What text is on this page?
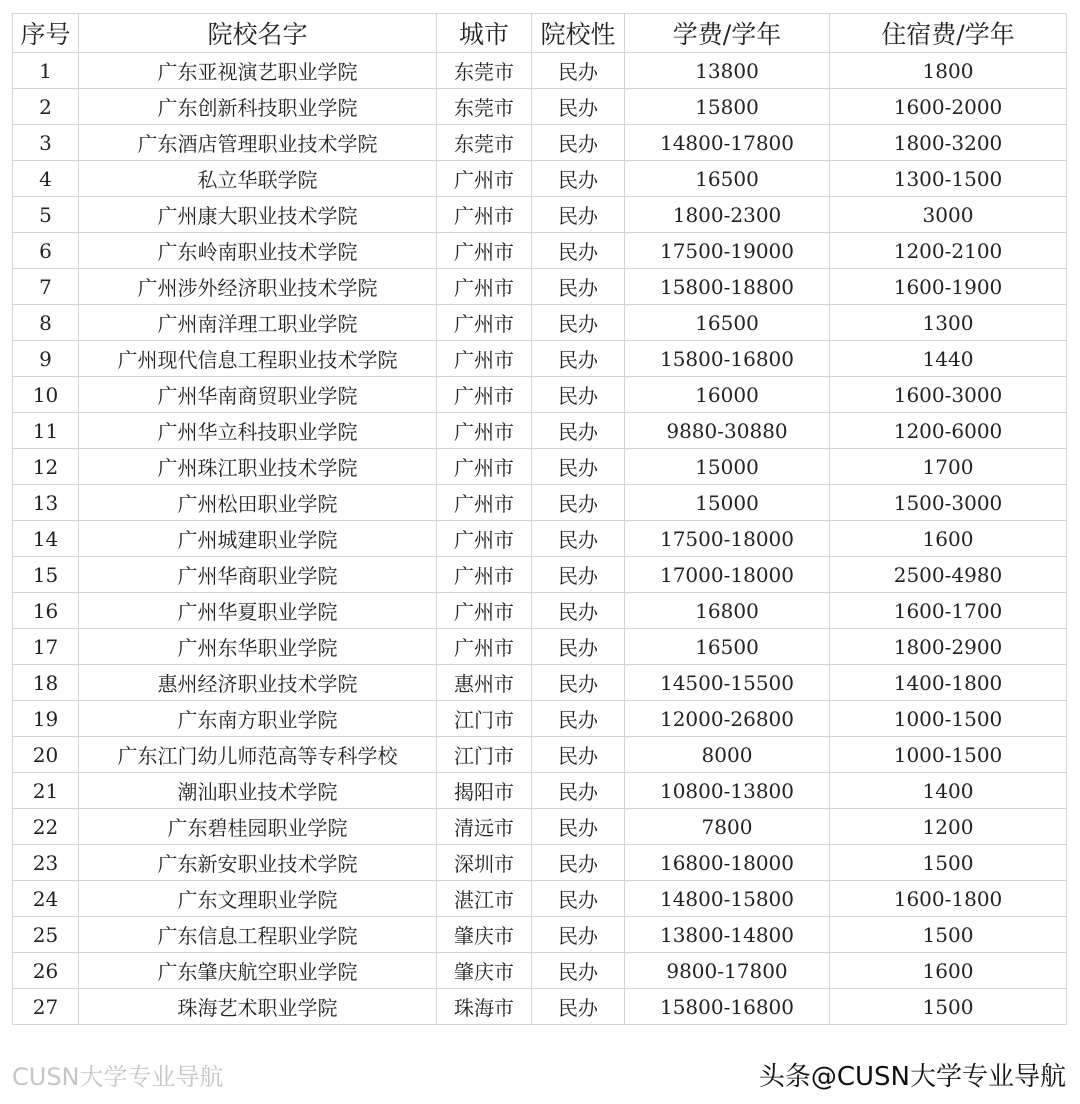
序号	院校名字	城市	院校性	学费/学年	住宿费/学年
1	广东亚视演艺职业学院	东莞市	民办	13800	1800
2	广东创新科技职业学院	东莞市	民办	15800	1600-2000
3	广东酒店管理职业技术学院	东莞市	民办	14800-17800	1800-3200
4	私立华联学院	广州市	民办	16500	1300-1500
5	广州康大职业技术学院	广州市	民办	1800-2300	3000
6	广东岭南职业技术学院	广州市	民办	17500-19000	1200-2100
7	广州涉外经济职业技术学院	广州市	民办	15800-18800	1600-1900
8	广州南洋理工职业学院	广州市	民办	16500	1300
9	广州现代信息工程职业技术学院	广州市	民办	15800-16800	1440
10	广州华南商贸职业学院	广州市	民办	16000	1600-3000
11	广州华立科技职业学院	广州市	民办	9880-30880	1200-6000
12	广州珠江职业技术学院	广州市	民办	15000	1700
13	广州松田职业学院	广州市	民办	15000	1500-3000
14	广州城建职业学院	广州市	民办	17500-18000	1600
15	广州华商职业学院	广州市	民办	17000-18000	2500-4980
16	广州华夏职业学院	广州市	民办	16800	1600-1700
17	广州东华职业学院	广州市	民办	16500	1800-2900
18	惠州经济职业技术学院	惠州市	民办	14500-15500	1400-1800
19	广东南方职业学院	江门市	民办	12000-26800	1000-1500
20	广东江门幼儿师范高等专科学校	江门市	民办	8000	1000-1500
21	潮汕职业技术学院	揭阳市	民办	10800-13800	1400
22	广东碧桂园职业学院	清远市	民办	7800	1200
23	广东新安职业技术学院	深圳市	民办	16800-18000	1500
24	广东文理职业学院	湛江市	民办	14800-15800	1600-1800
25	广东信息工程职业学院	肇庆市	民办	13800-14800	1500
26	广东肇庆航空职业学院	肇庆市	民办	9800-17800	1600
27	珠海艺术职业学院	珠海市	民办	15800-16800	1500
CUSN大学专业导航	头条@CUSN大学专业导航
